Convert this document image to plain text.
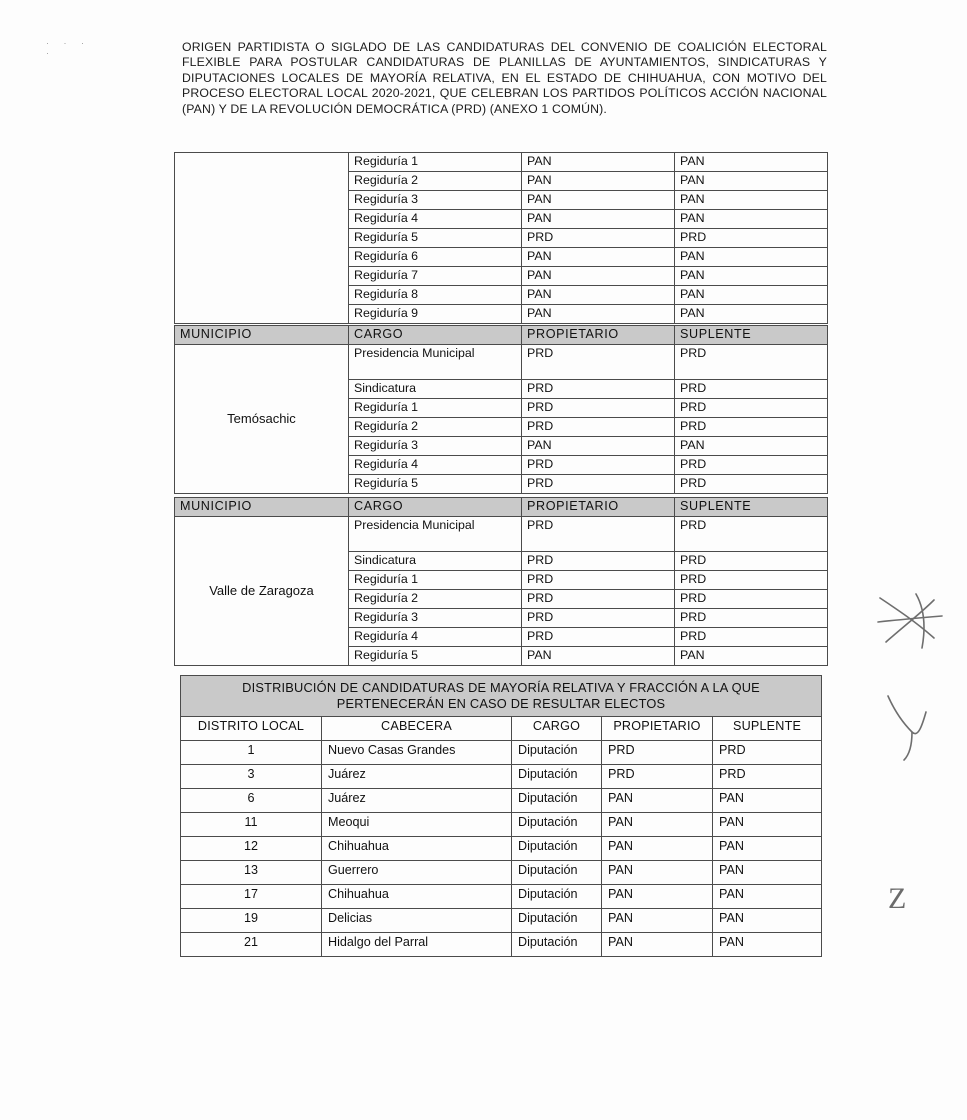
· · · ·	ORIGEN PARTIDISTA O SIGLADO DE LAS CANDIDATURAS DEL CONVENIO DE COALICIÓN ELECTORAL FLEXIBLE PARA POSTULAR CANDIDATURAS DE PLANILLAS DE AYUNTAMIENTOS, SINDICATURAS Y DIPUTACIONES LOCALES DE MAYORÍA RELATIVA, EN EL ESTADO DE CHIHUAHUA, CON MOTIVO DEL PROCESO ELECTORAL LOCAL 2020-2021, QUE CELEBRAN LOS PARTIDOS POLÍTICOS ACCIÓN NACIONAL (PAN) Y DE LA REVOLUCIÓN DEMOCRÁTICA (PRD) (ANEXO 1 COMÚN).
	Regiduría 1	PAN	PAN
	Regiduría 2	PAN	PAN
	Regiduría 3	PAN	PAN
	Regiduría 4	PAN	PAN
	Regiduría 5	PRD	PRD
	Regiduría 6	PAN	PAN
	Regiduría 7	PAN	PAN
	Regiduría 8	PAN	PAN
	Regiduría 9	PAN	PAN
MUNICIPIO	CARGO	PROPIETARIO	SUPLENTE
Temósachic	Presidencia Municipal	PRD	PRD
	Sindicatura	PRD	PRD
	Regiduría 1	PRD	PRD
	Regiduría 2	PRD	PRD
	Regiduría 3	PAN	PAN
	Regiduría 4	PRD	PRD
	Regiduría 5	PRD	PRD
MUNICIPIO	CARGO	PROPIETARIO	SUPLENTE
Valle de Zaragoza	Presidencia Municipal	PRD	PRD
	Sindicatura	PRD	PRD
	Regiduría 1	PRD	PRD
	Regiduría 2	PRD	PRD
	Regiduría 3	PRD	PRD
	Regiduría 4	PRD	PRD
	Regiduría 5	PAN	PAN
DISTRIBUCIÓN DE CANDIDATURAS DE MAYORÍA RELATIVA Y FRACCIÓN A LA QUE PERTENECERÁN EN CASO DE RESULTAR ELECTOS				
DISTRITO LOCAL	CABECERA	CARGO	PROPIETARIO	SUPLENTE
1	Nuevo Casas Grandes	Diputación	PRD	PRD
3	Juárez	Diputación	PRD	PRD
6	Juárez	Diputación	PAN	PAN
11	Meoqui	Diputación	PAN	PAN
12	Chihuahua	Diputación	PAN	PAN
13	Guerrero	Diputación	PAN	PAN
17	Chihuahua	Diputación	PAN	PAN
19	Delicias	Diputación	PAN	PAN
21	Hidalgo del Parral	Diputación	PAN	PAN
Z
